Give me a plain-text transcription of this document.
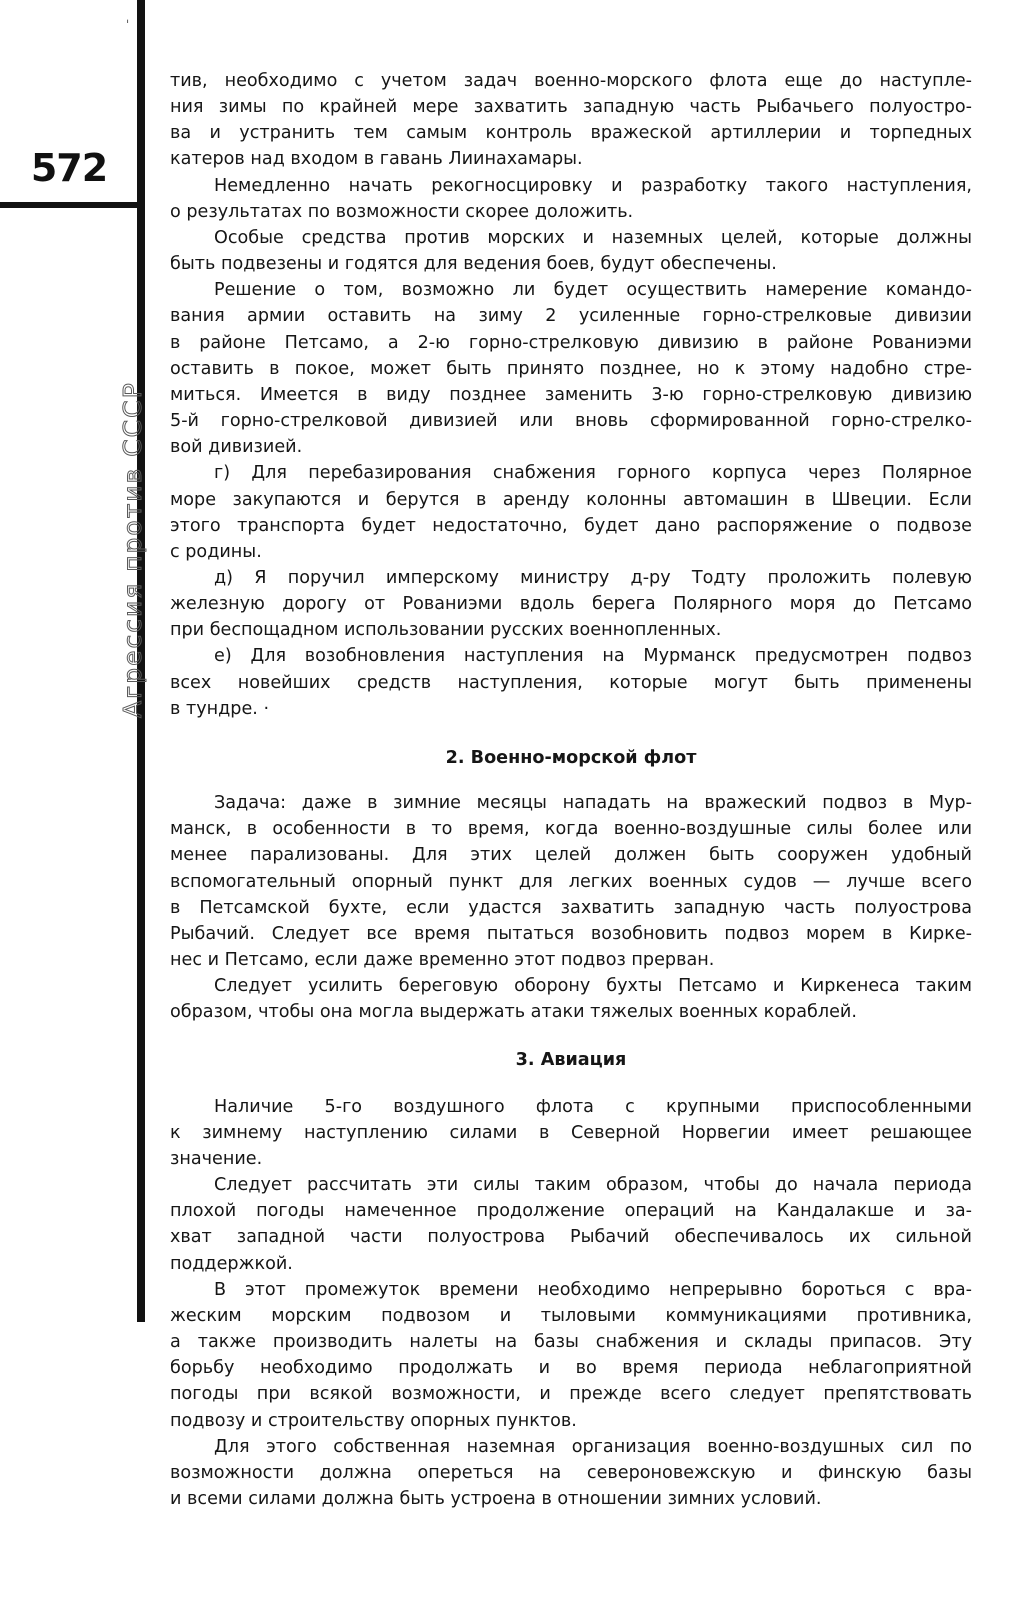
ˈ
572
Агрессия против СССР
тив, необходимо с учетом задач военно-морского флота еще до наступле-
ния зимы по крайней мере захватить западную часть Рыбачьего полуостро-
ва и устранить тем самым контроль вражеской артиллерии и торпедных
катеров над входом в гавань Лиинахамары.
Немедленно начать рекогносцировку и разработку такого наступления,
о результатах по возможности скорее доложить.
Особые средства против морских и наземных целей, которые должны
быть подвезены и годятся для ведения боев, будут обеспечены.
Решение о том, возможно ли будет осуществить намерение командо-
вания армии оставить на зиму 2 усиленные горно-стрелковые дивизии
в районе Петсамо, а 2-ю горно-стрелковую дивизию в районе Рованиэми
оставить в покое, может быть принято позднее, но к этому надобно стре-
миться. Имеется в виду позднее заменить 3-ю горно-стрелковую дивизию
5-й горно-стрелковой дивизией или вновь сформированной горно-стрелко-
вой дивизией.
г) Для перебазирования снабжения горного корпуса через Полярное
море закупаются и берутся в аренду колонны автомашин в Швеции. Если
этого транспорта будет недостаточно, будет дано распоряжение о подвозе
с родины.
д) Я поручил имперскому министру д-ру Тодту проложить полевую
железную дорогу от Рованиэми вдоль берега Полярного моря до Петсамо
при беспощадном использовании русских военнопленных.
е) Для возобновления наступления на Мурманск предусмотрен подвоз
всех новейших средств наступления, которые могут быть применены
в тундре. ·
2. Военно-морской флот
Задача: даже в зимние месяцы нападать на вражеский подвоз в Мур-
манск, в особенности в то время, когда военно-воздушные силы более или
менее парализованы. Для этих целей должен быть сооружен удобный
вспомогательный опорный пункт для легких военных судов — лучше всего
в Петсамской бухте, если удастся захватить западную часть полуострова
Рыбачий. Следует все время пытаться возобновить подвоз морем в Кирке-
нес и Петсамо, если даже временно этот подвоз прерван.
Следует усилить береговую оборону бухты Петсамо и Киркенеса таким
образом, чтобы она могла выдержать атаки тяжелых военных кораблей.
3. Авиация
Наличие 5-го воздушного флота с крупными приспособленными
к зимнему наступлению силами в Северной Норвегии имеет решающее
значение.
Следует рассчитать эти силы таким образом, чтобы до начала периода
плохой погоды намеченное продолжение операций на Кандалакше и за-
хват западной части полуострова Рыбачий обеспечивалось их сильной
поддержкой.
В этот промежуток времени необходимо непрерывно бороться с вра-
жеским морским подвозом и тыловыми коммуникациями противника,
а также производить налеты на базы снабжения и склады припасов. Эту
борьбу необходимо продолжать и во время периода неблагоприятной
погоды при всякой возможности, и прежде всего следует препятствовать
подвозу и строительству опорных пунктов.
Для этого собственная наземная организация военно-воздушных сил по
возможности должна опереться на североновежскую и финскую базы
и всеми силами должна быть устроена в отношении зимних условий.
